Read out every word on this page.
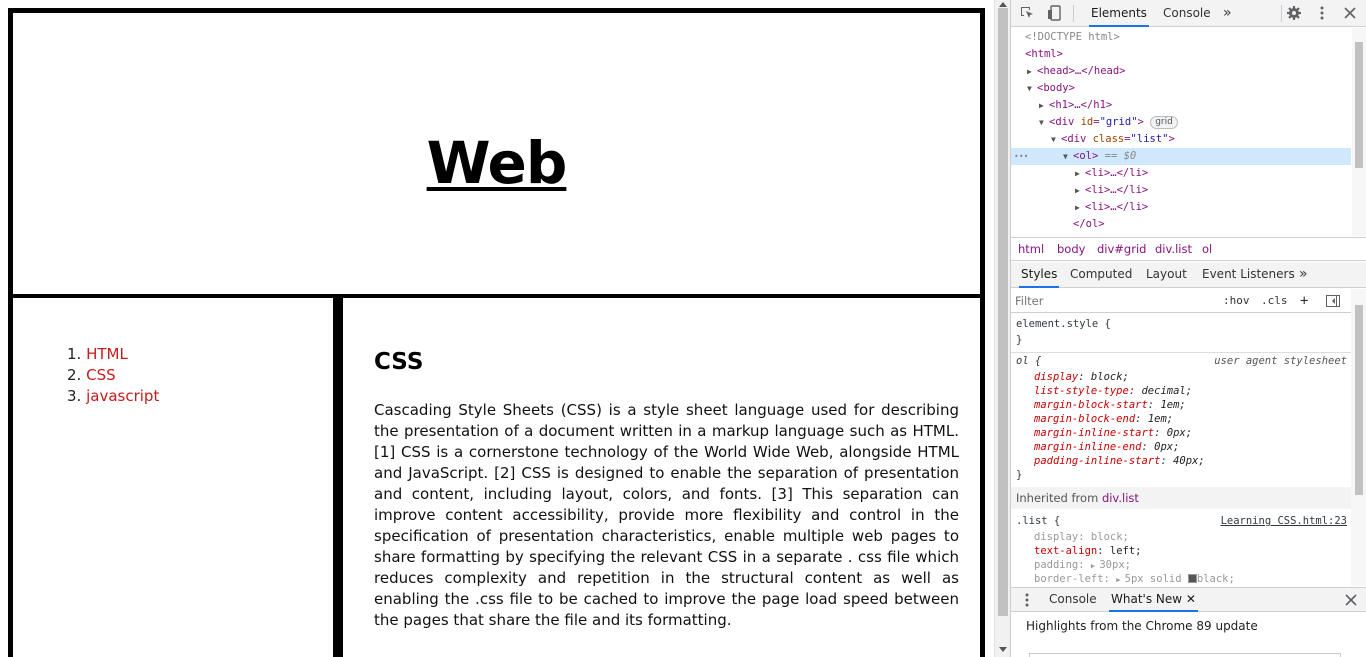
Web
1. HTML
2. CSS
3. javascript
CSS
Cascading Style Sheets (CSS) is a style sheet language used for describing the presentation of a document written in a markup language such as HTML. [1] CSS is a cornerstone technology of the World Wide Web, alongside HTML and JavaScript. [2] CSS is designed to enable the separation of presentation and content, including layout, colors, and fonts. [3] This separation can improve content accessibility, provide more flexibility and control in the specification of presentation characteristics, enable multiple web pages to share formatting by specifying the relevant CSS in a separate . css file which reduces complexity and repetition in the structural content as well as enabling the .css file to be cached to improve the page load speed between the pages that share the file and its formatting.
Elements Console »
<!DOCTYPE html>
<html>
▶ <head>…</head>
▼ <body>
▶ <h1>…</h1>
▼ <div id="grid"> grid
▼ <div class="list">
•••	▼ <ol> == $0
▶ <li>…</li>
▶ <li>…</li>
▶ <li>…</li>
</ol>
html body div#grid div.list ol
Styles Computed Layout Event Listeners »
Filter
:hov .cls +
element.style {
}
ol {	user agent stylesheet
display: block;
list-style-type: decimal;
margin-block-start: 1em;
margin-block-end: 1em;
margin-inline-start: 0px;
margin-inline-end: 0px;
padding-inline-start: 40px;
}
Inherited from div.list
.list {	Learning CSS.html:23
display: block;
text-align: left;
padding: ▶ 30px;
border-left: ▶ 5px solid black;
Console What's New ✕
Highlights from the Chrome 89 update
